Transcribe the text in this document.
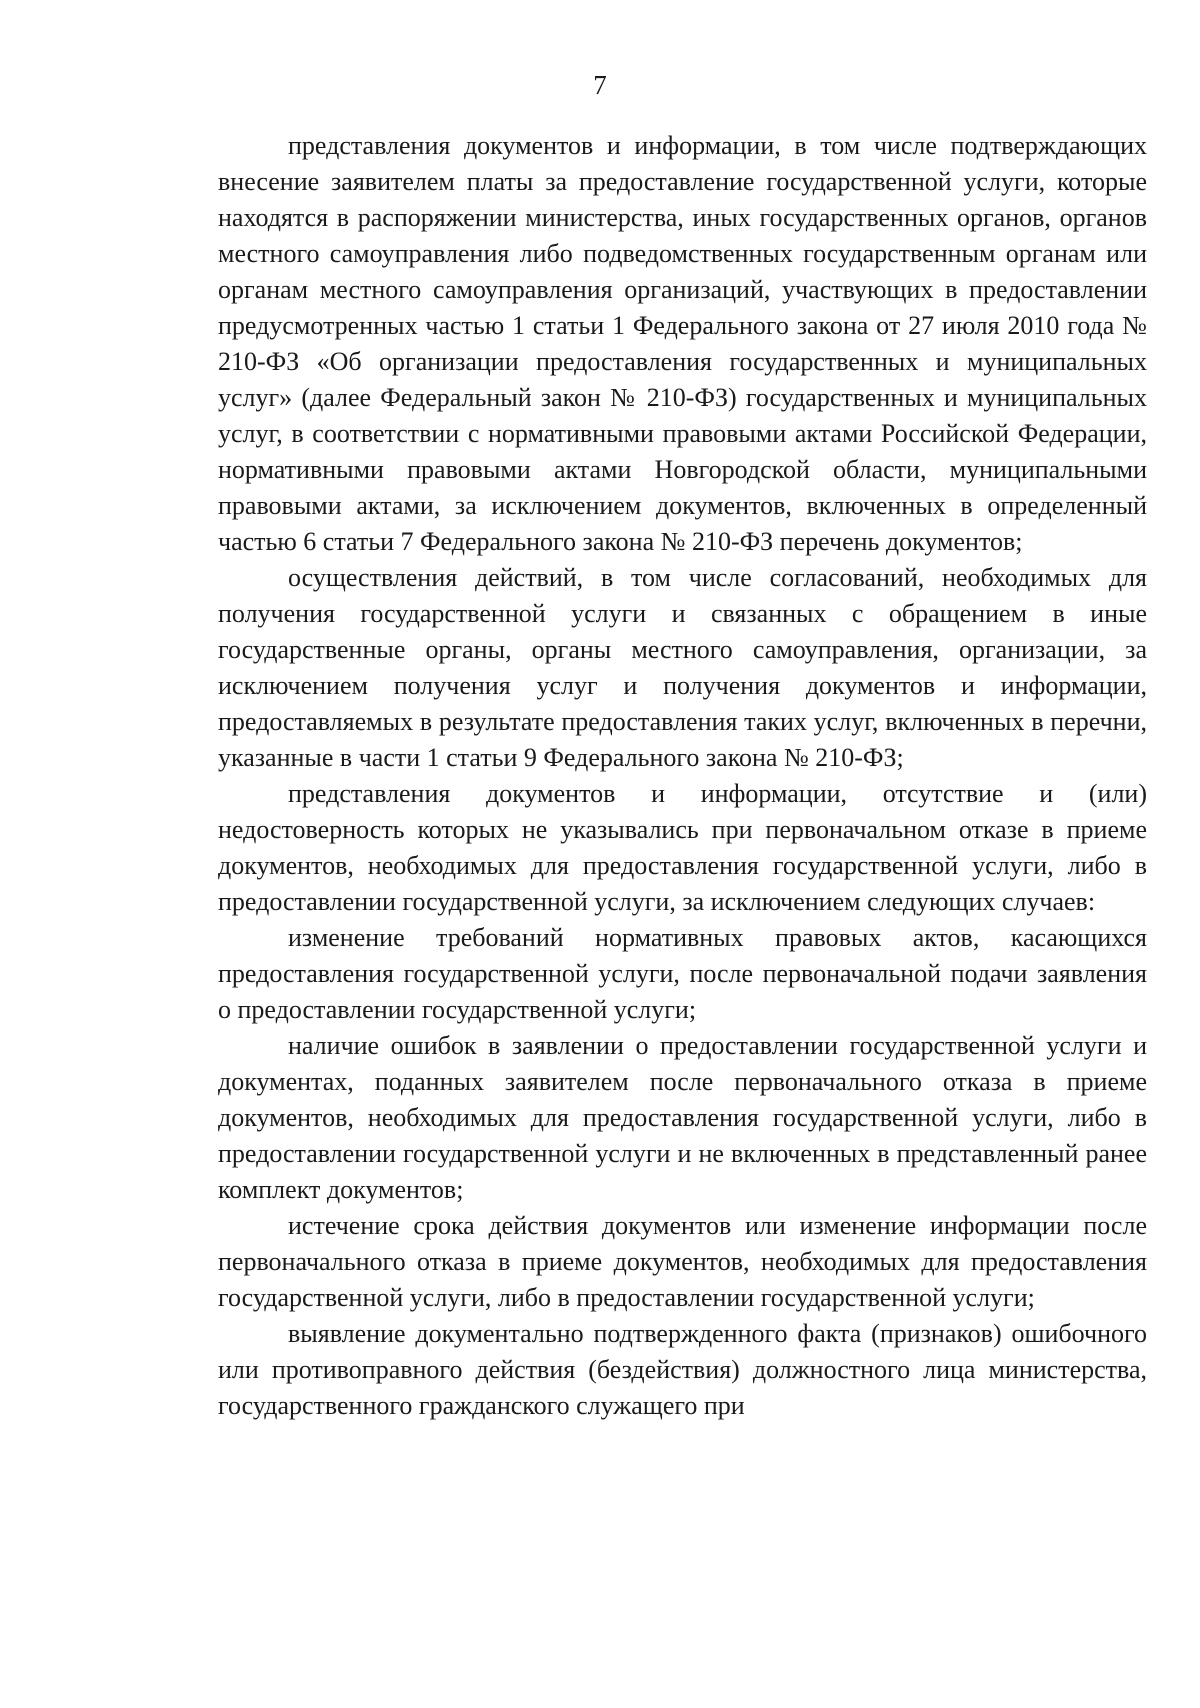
7

представления документов и информации, в том числе подтверждающих внесение заявителем платы за предоставление государственной услуги, которые находятся в распоряжении министерства, иных государственных органов, органов местного самоуправления либо подведомственных государственным органам или органам местного самоуправления организаций, участвующих в предоставлении предусмотренных частью 1 статьи 1 Федерального закона от 27 июля 2010 года № 210-ФЗ «Об организации предоставления государственных и муниципальных услуг» (далее Федеральный закон № 210-ФЗ) государственных и муниципальных услуг, в соответствии с нормативными правовыми актами Российской Федерации, нормативными правовыми актами Новгородской области, муниципальными правовыми актами, за исключением документов, включенных в определенный частью 6 статьи 7 Федерального закона № 210-ФЗ перечень документов;

осуществления действий, в том числе согласований, необходимых для получения государственной услуги и связанных с обращением в иные государственные органы, органы местного самоуправления, организации, за исключением получения услуг и получения документов и информации, предоставляемых в результате предоставления таких услуг, включенных в перечни, указанные в части 1 статьи 9 Федерального закона № 210-ФЗ;

представления документов и информации, отсутствие и (или) недостоверность которых не указывались при первоначальном отказе в приеме документов, необходимых для предоставления государственной услуги, либо в предоставлении государственной услуги, за исключением следующих случаев:

изменение требований нормативных правовых актов, касающихся предоставления государственной услуги, после первоначальной подачи заявления о предоставлении государственной услуги;

наличие ошибок в заявлении о предоставлении государственной услуги и документах, поданных заявителем после первоначального отказа в приеме документов, необходимых для предоставления государственной услуги, либо в предоставлении государственной услуги и не включенных в представленный ранее комплект документов;

истечение срока действия документов или изменение информации после первоначального отказа в приеме документов, необходимых для предоставления государственной услуги, либо в предоставлении государственной услуги;

выявление документально подтвержденного факта (признаков) ошибочного или противоправного действия (бездействия) должностного лица министерства, государственного гражданского служащего при
